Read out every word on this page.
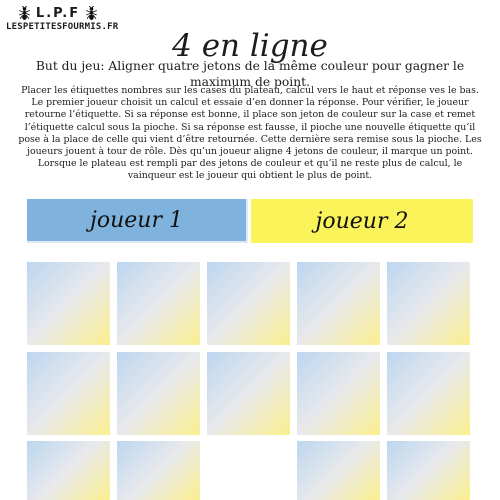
L.P.F
LESPETITESFOURMIS.FR
4 en ligne
But du jeu: Aligner quatre jetons de la même couleur pour gagner le maximum de point.
Placer les étiquettes nombres sur les cases du plateau, calcul vers le haut et réponse ves le bas. Le premier joueur choisit un calcul et essaie d’en donner la réponse. Pour vérifier, le joueur retourne l’étiquette. Si sa réponse est bonne, il place son jeton de couleur sur la case et remet l’étiquette calcul sous la pioche. Si sa réponse est fausse, il pioche une nouvelle étiquette qu’il pose à la place de celle qui vient d’être retournée. Cette dernière sera remise sous la pioche. Les joueurs jouent à tour de rôle. Dès qu’un joueur aligne 4 jetons de couleur, il marque un point. Lorsque le plateau est rempli par des jetons de couleur et qu’il ne reste plus de calcul, le vainqueur est le joueur qui obtient le plus de point.
joueur 1	joueur 2
